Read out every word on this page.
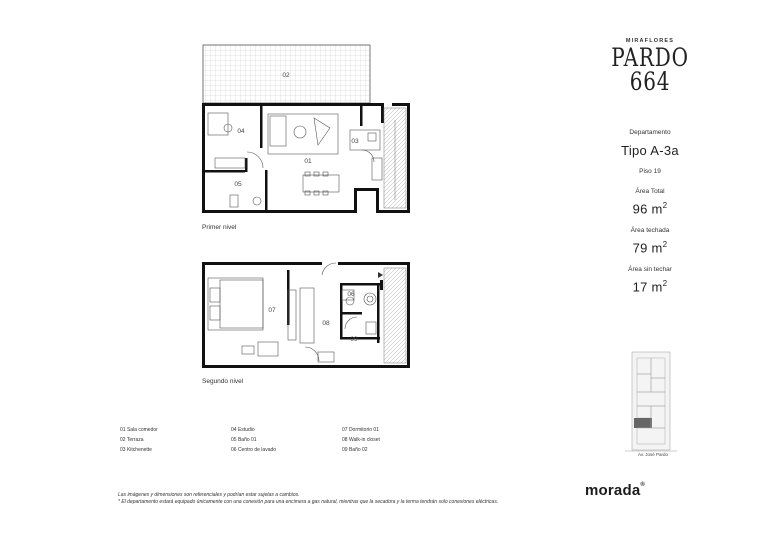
02
01
03
04
05
06
07
08
09
Primer nivel
Segundo nivel
MIRAFLORES
PARDO
664
Departamento
Tipo A-3a
Piso 19
Área Total
96 $m^2$
Área techada
79 $m^2$
Área sin techar
17 $m^2$
Av. José Pardo
01 Sala comedor
02 Terraza
03 Kitchenette
04 Estudio
05 Baño 01
06 Centro de lavado
07 Dormitorio 01
08 Walk-in closet
09 Baño 02
Las imágenes y dimensiones son referenciales y podrían estar sujetas a cambios.
* El departamento estará equipado únicamente con una conexión para una encimera a gas natural, mientras que la secadora y la terma tendrán solo conexiones eléctricas.
morada®
